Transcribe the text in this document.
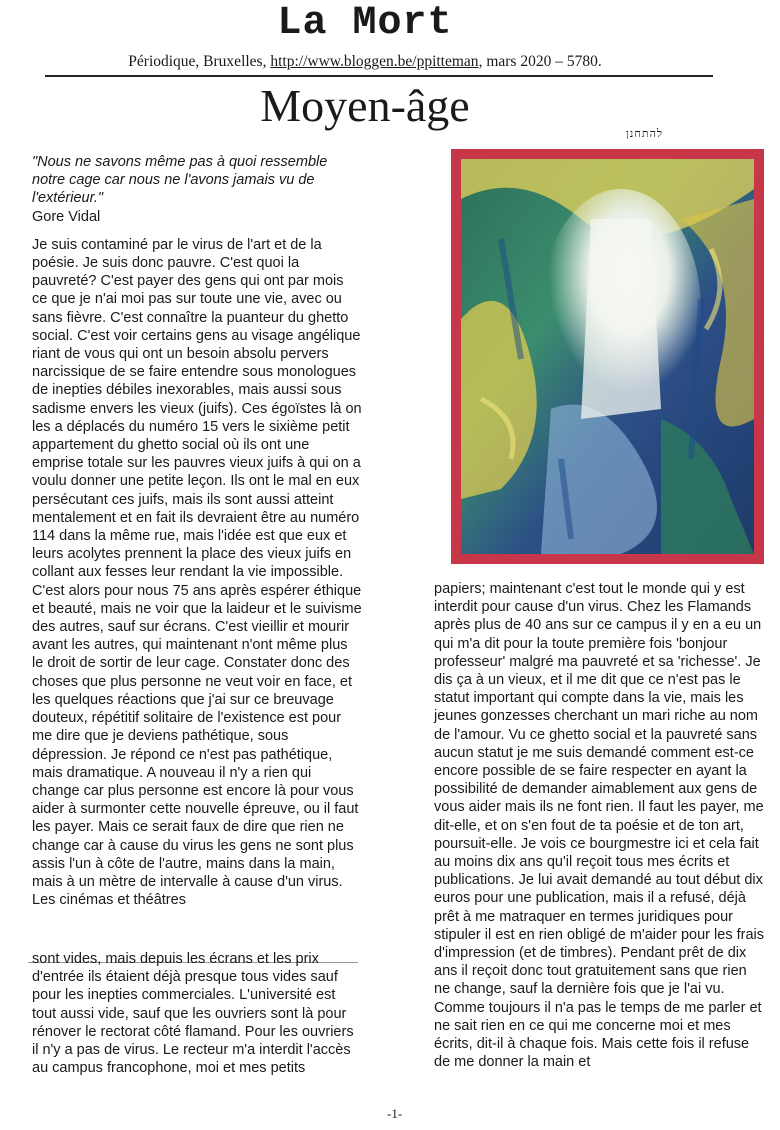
La Mort
Périodique, Bruxelles, http://www.bloggen.be/ppitteman, mars 2020 – 5780.
Moyen-âge
להתחנן
"Nous ne savons même pas à quoi ressemble notre cage car nous ne l'avons jamais vu de l'extérieur."
Gore Vidal
Je suis contaminé par le virus de l'art et de la poésie. Je suis donc pauvre. C'est quoi la pauvreté? C'est payer des gens qui ont par mois ce que je n'ai moi pas sur toute une vie, avec ou sans fièvre. C'est connaître la puanteur du ghetto social. C'est voir certains gens au visage angélique riant de vous qui ont un besoin absolu pervers narcissique de se faire entendre sous monologues de inepties débiles inexorables, mais aussi sous sadisme envers les vieux (juifs). Ces égoïstes là on les a déplacés du numéro 15 vers le sixième petit appartement du ghetto social où ils ont une emprise totale sur les pauvres vieux juifs à qui on a voulu donner une petite leçon. Ils ont le mal en eux persécutant ces juifs, mais ils sont aussi atteint mentalement et en fait ils devraient être au numéro 114 dans la même rue, mais l'idée est que eux et leurs acolytes prennent la place des vieux juifs en collant aux fesses leur rendant la vie impossible. C'est alors pour nous 75 ans après espérer éthique et beauté, mais ne voir que la laideur et le suivisme des autres, sauf sur écrans. C'est vieillir et mourir avant les autres, qui maintenant n'ont même plus le droit de sortir de leur cage. Constater donc des choses que plus personne ne veut voir en face, et les quelques réactions que j'ai sur ce breuvage douteux, répétitif solitaire de l'existence est pour me dire que je deviens pathétique, sous dépression. Je répond ce n'est pas pathétique, mais dramatique. A nouveau il n'y a rien qui change car plus personne est encore là pour vous aider à surmonter cette nouvelle épreuve, ou il faut les payer. Mais ce serait faux de dire que rien ne change car à cause du virus les gens ne sont plus assis l'un à côte de l'autre, mains dans la main, mais à un mètre de intervalle à cause d'un virus. Les cinémas et théâtres
sont vides, mais depuis les écrans et les prix d'entrée ils étaient déjà presque tous vides sauf pour les inepties commerciales. L'université est tout aussi vide, sauf que les ouvriers sont là pour rénover le rectorat côté flamand. Pour les ouvriers il n'y a pas de virus. Le recteur m'a interdit l'accès au campus francophone, moi et mes petits
papiers; maintenant c'est tout le monde qui y est interdit pour cause d'un virus. Chez les Flamands après plus de 40 ans sur ce campus il y en a eu un qui m'a dit pour la toute première fois 'bonjour professeur' malgré ma pauvreté et sa 'richesse'. Je dis ça à un vieux, et il me dit que ce n'est pas le statut important qui compte dans la vie, mais les jeunes gonzesses cherchant un mari riche au nom de l'amour. Vu ce ghetto social et la pauvreté sans aucun statut je me suis demandé comment est-ce encore possible de se faire respecter en ayant la possibilité de demander aimablement aux gens de vous aider mais ils ne font rien. Il faut les payer, me dit-elle, et on s'en fout de ta poésie et de ton art, poursuit-elle. Je vois ce bourgmestre ici et cela fait au moins dix ans qu'il reçoit tous mes écrits et publications. Je lui avait demandé au tout début dix euros pour une publication, mais il a refusé, déjà prêt à me matraquer en termes juridiques pour stipuler il est en rien obligé de m'aider pour les frais d'impression (et de timbres). Pendant prêt de dix ans il reçoit donc tout gratuitement sans que rien ne change, sauf la dernière fois que je l'ai vu. Comme toujours il n'a pas le temps de me parler et ne sait rien en ce qui me concerne moi et mes écrits, dit-il à chaque fois. Mais cette fois il refuse de me donner la main et
-1-
